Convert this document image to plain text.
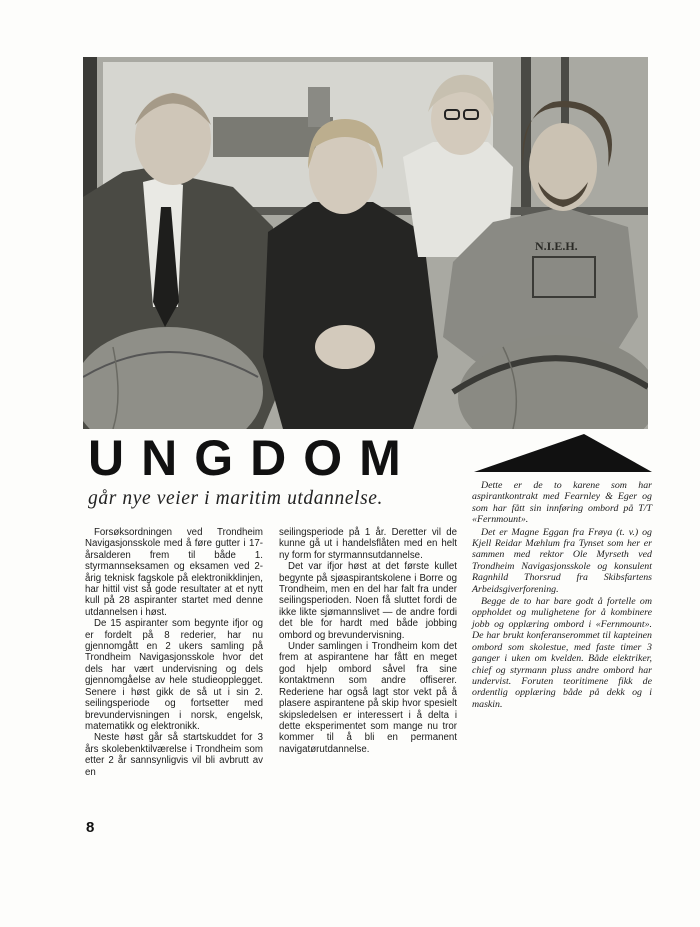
N.I.E.H.
UNGDOM
går nye veier i maritim utdannelse.

Forsøksordningen ved Trondheim Navigasjonsskole med å føre gutter i 17-årsalderen frem til både 1. styrmannseksamen og eksamen ved 2-årig teknisk fagskole på elektronikklinjen, har hittil vist så gode resultater at et nytt kull på 28 aspiranter startet med denne utdannelsen i høst.

De 15 aspiranter som begynte ifjor og er fordelt på 8 rederier, har nu gjennomgått en 2 ukers samling på Trondheim Navigasjonsskole hvor det dels har vært undervisning og dels gjennomgåelse av hele studieopplegget. Senere i høst gikk de så ut i sin 2. seilingsperiode og fortsetter med brevundervisningen i norsk, engelsk, matematikk og elektronikk.

Neste høst går så startskuddet for 3 års skolebenktilværelse i Trondheim som etter 2 år sannsynligvis vil bli avbrutt av en

seilingsperiode på 1 år. Deretter vil de kunne gå ut i handelsflåten med en helt ny form for styrmannsutdannelse.

Det var ifjor høst at det første kullet begynte på sjøaspirantskolene i Borre og Trondheim, men en del har falt fra under seilingsperioden. Noen få sluttet fordi de ikke likte sjømannslivet — de andre fordi det ble for hardt med både jobbing ombord og brevundervisning.

Under samlingen i Trondheim kom det frem at aspirantene har fått en meget god hjelp ombord såvel fra sine kontaktmenn som andre offiserer. Rederiene har også lagt stor vekt på å plasere aspirantene på skip hvor spesielt skipsledelsen er interessert i å delta i dette eksperimentet som mange nu tror kommer til å bli en permanent navigatørutdannelse.

Dette er de to karene som har aspirantkontrakt med Fearnley & Eger og som har fått sin innføring ombord på T/T «Fernmount».

Det er Magne Eggan fra Frøya (t. v.) og Kjell Reidar Mæhlum fra Tynset som her er sammen med rektor Ole Myrseth ved Trondheim Navigasjonsskole og konsulent Ragnhild Thorsrud fra Skibsfartens Arbeidsgiverforening.

Begge de to har bare godt å fortelle om oppholdet og mulighetene for å kombinere jobb og opplæring ombord i «Fernmount». De har brukt konferanserommet til kapteinen ombord som skolestue, med faste timer 3 ganger i uken om kvelden. Både elektriker, chief og styrmann pluss andre ombord har undervist. Foruten teoritimene fikk de ordentlig opplæring både på dekk og i maskin.

8
